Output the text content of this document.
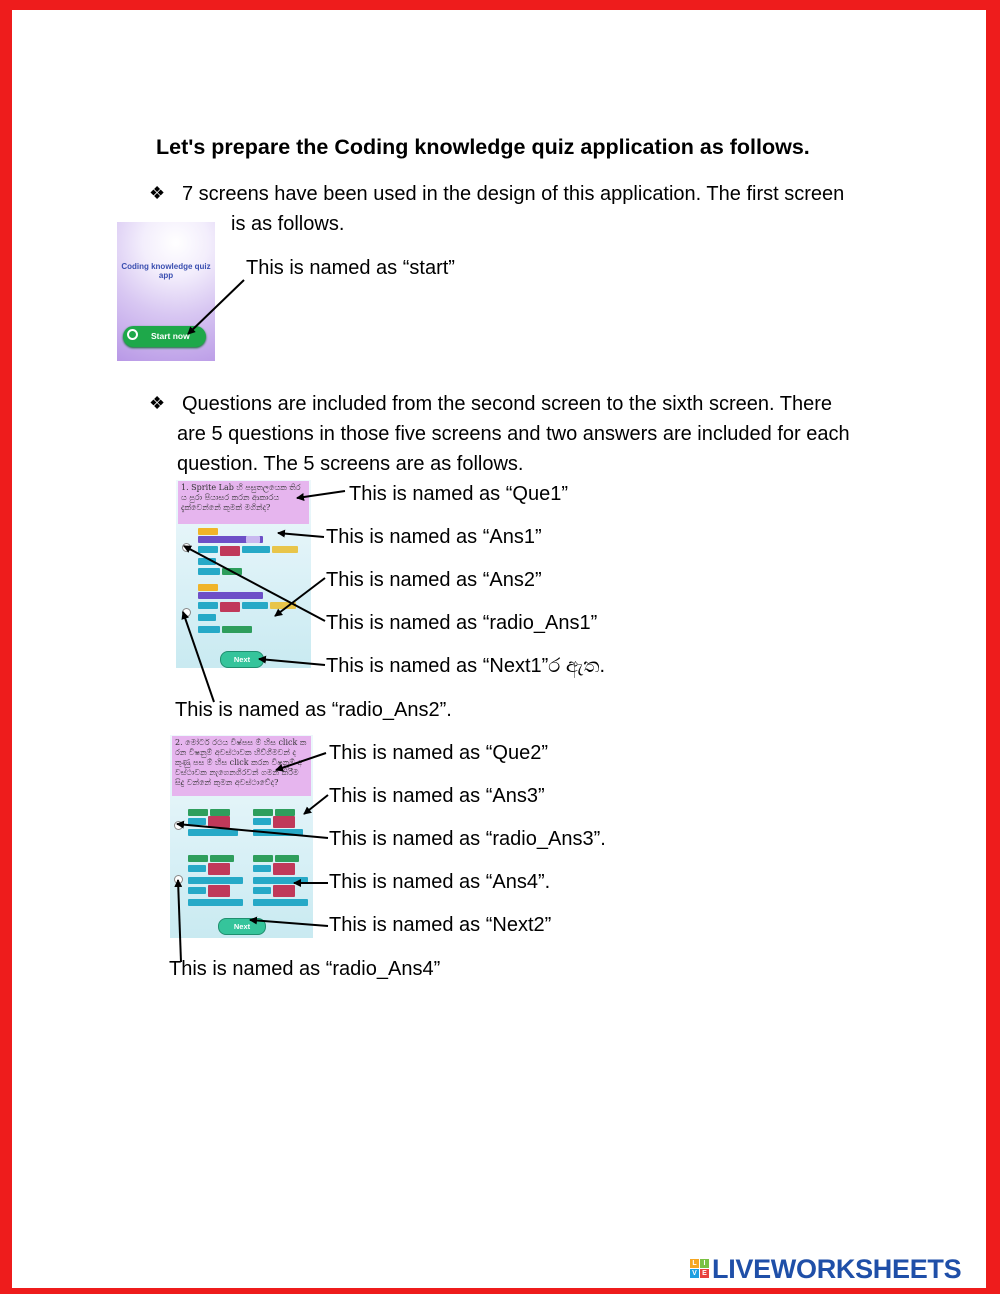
Let's prepare the Coding knowledge quiz application as follows.
❖ 7 screens have been used in the design of this application. The first screen
is as follows.
Coding knowledge quiz app
Start now
This is named as “start”
❖ Questions are included from the second screen to the sixth screen. There
are 5 questions in those five screens and two answers are included for each
question. The 5 screens are as follows.
1. Sprite Lab හි පසුතලයෙක තිරය පුරා පියාසර කරන ආකාරය දැක්වෙන්නේ කුමක් මගින්ද?
Next
This is named as “Que1”
This is named as “Ans1”
This is named as “Ans2”
This is named as “radio_Ans1”
This is named as “Next1”ර ඇත.
This is named as “radio_Ans2”.
2. මෝටර් රථය විෂ්පස ම් හිස click කරන විෂනුම් අවස්ථාවක හිව්ගීමවන් දකුණු පස ම් හිස click කරන විෂනුම් අවස්ථාවක නැගෙනගිරවන් ගමන් කිරීම සිදු වන්නේ කුමන අවස්ථාවේද?
Next
This is named as “Que2”
This is named as “Ans3”
This is named as “radio_Ans3”.
This is named as “Ans4”.
This is named as “Next2”
This is named as “radio_Ans4”
L I
V E LIVEWORKSHEETS
